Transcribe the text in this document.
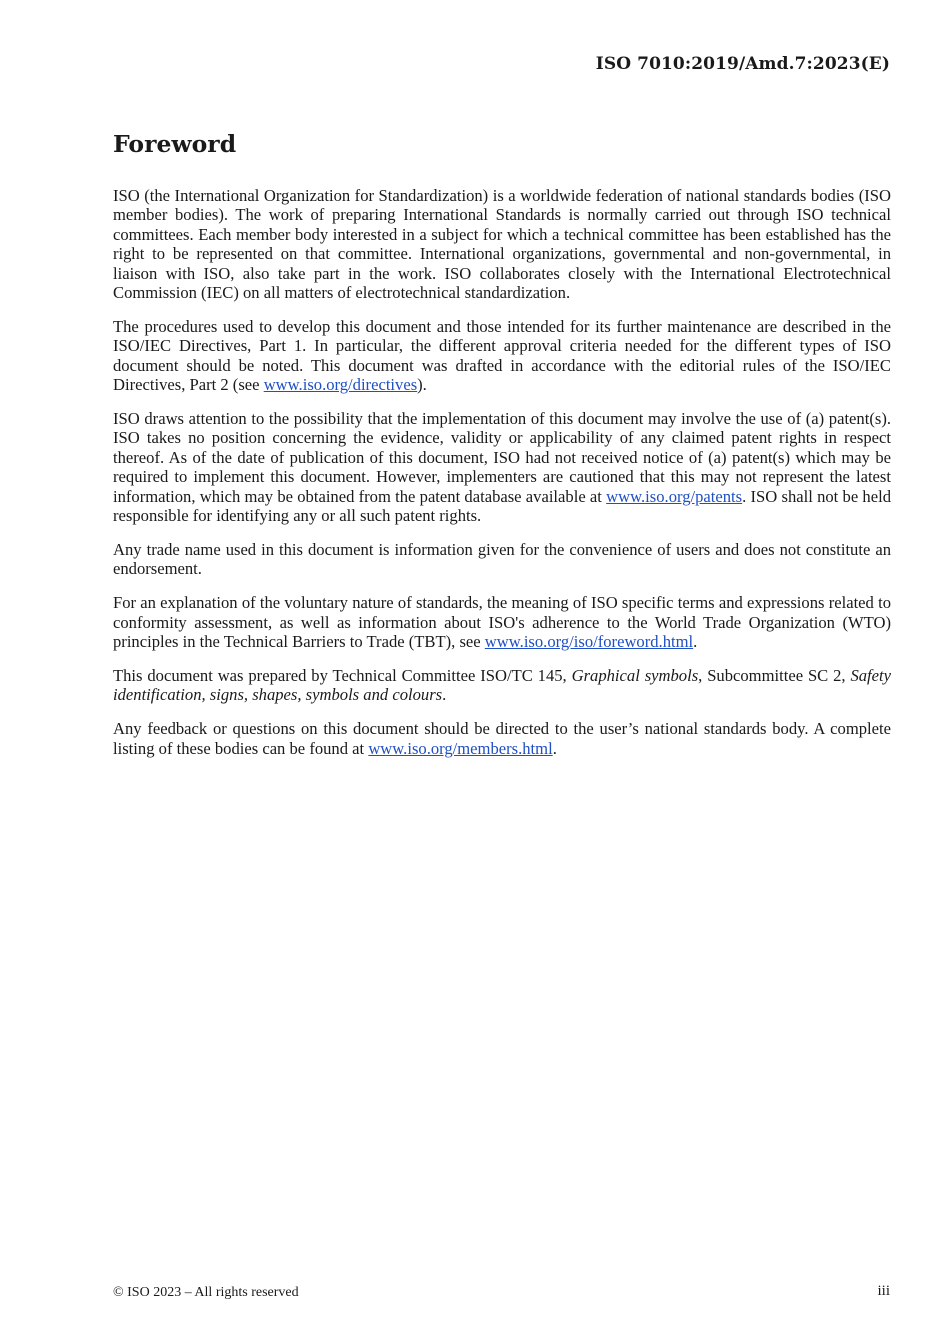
ISO 7010:2019/Amd.7:2023(E)
Foreword

ISO (the International Organization for Standardization) is a worldwide federation of national standards bodies (ISO member bodies). The work of preparing International Standards is normally carried out through ISO technical committees. Each member body interested in a subject for which a technical committee has been established has the right to be represented on that committee. International organizations, governmental and non-governmental, in liaison with ISO, also take part in the work. ISO collaborates closely with the International Electrotechnical Commission (IEC) on all matters of electrotechnical standardization.

The procedures used to develop this document and those intended for its further maintenance are described in the ISO/IEC Directives, Part 1. In particular, the different approval criteria needed for the different types of ISO document should be noted. This document was drafted in accordance with the editorial rules of the ISO/IEC Directives, Part 2 (see www.iso.org/directives).

ISO draws attention to the possibility that the implementation of this document may involve the use of (a) patent(s). ISO takes no position concerning the evidence, validity or applicability of any claimed patent rights in respect thereof. As of the date of publication of this document, ISO had not received notice of (a) patent(s) which may be required to implement this document. However, implementers are cautioned that this may not represent the latest information, which may be obtained from the patent database available at www.iso.org/patents. ISO shall not be held responsible for identifying any or all such patent rights.

Any trade name used in this document is information given for the convenience of users and does not constitute an endorsement.

For an explanation of the voluntary nature of standards, the meaning of ISO specific terms and expressions related to conformity assessment, as well as information about ISO's adherence to the World Trade Organization (WTO) principles in the Technical Barriers to Trade (TBT), see www.iso.org/iso/foreword.html.

This document was prepared by Technical Committee ISO/TC 145, Graphical symbols, Subcommittee SC 2, Safety identification, signs, shapes, symbols and colours.

Any feedback or questions on this document should be directed to the user’s national standards body. A complete listing of these bodies can be found at www.iso.org/members.html.

© ISO 2023 – All rights reserved	iii
